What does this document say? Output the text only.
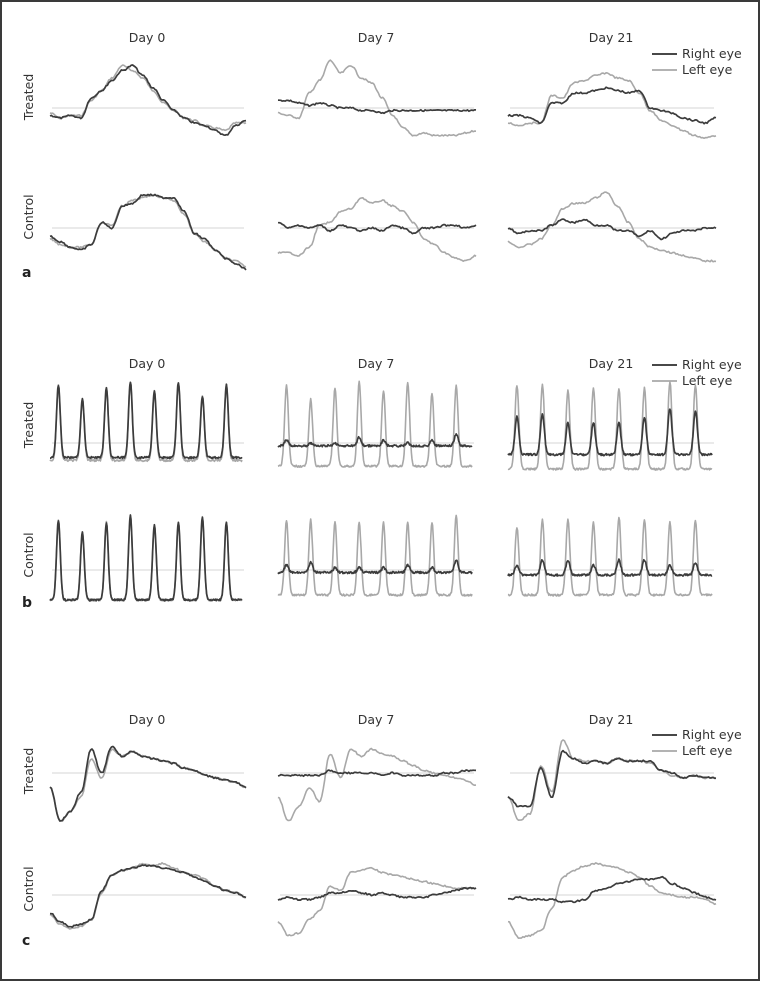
Day 0	Day 7	Day 21
Treated
Control
a
Right eye
Left eye
Day 0	Day 7	Day 21
Treated
Control
b
Right eye
Left eye
Day 0	Day 7	Day 21
Treated
Control
c
Right eye
Left eye
